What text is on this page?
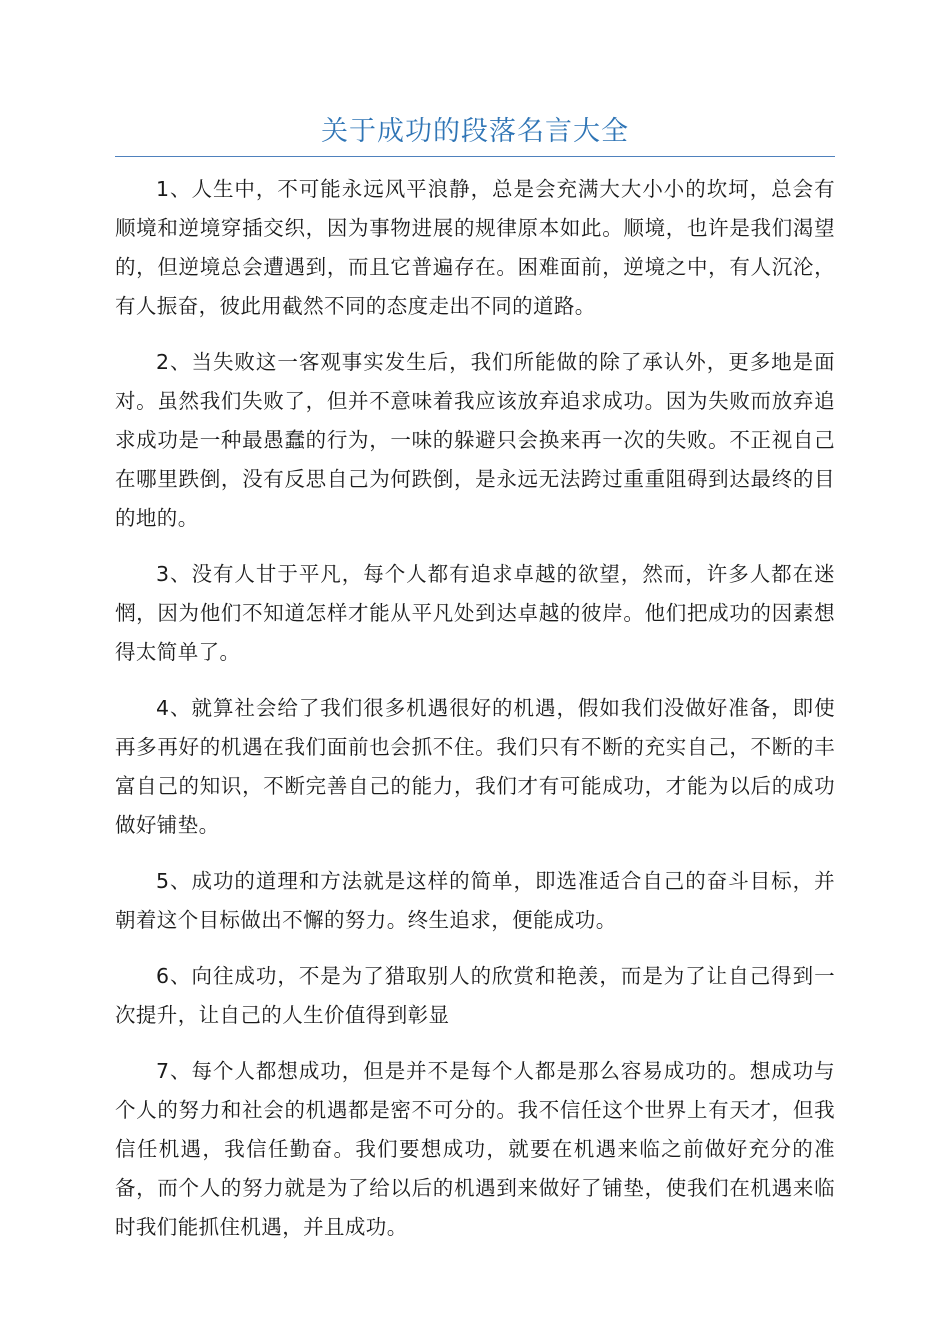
关于成功的段落名言大全

1、人生中，不可能永远风平浪静，总是会充满大大小小的坎坷，总会有顺境和逆境穿插交织，因为事物进展的规律原本如此。顺境，也许是我们渴望的，但逆境总会遭遇到，而且它普遍存在。困难面前，逆境之中，有人沉沦，有人振奋，彼此用截然不同的态度走出不同的道路。

2、当失败这一客观事实发生后，我们所能做的除了承认外，更多地是面对。虽然我们失败了，但并不意味着我应该放弃追求成功。因为失败而放弃追求成功是一种最愚蠢的行为，一味的躲避只会换来再一次的失败。不正视自己在哪里跌倒，没有反思自己为何跌倒，是永远无法跨过重重阻碍到达最终的目的地的。

3、没有人甘于平凡，每个人都有追求卓越的欲望，然而，许多人都在迷惘，因为他们不知道怎样才能从平凡处到达卓越的彼岸。他们把成功的因素想得太简单了。

4、就算社会给了我们很多机遇很好的机遇，假如我们没做好准备，即使再多再好的机遇在我们面前也会抓不住。我们只有不断的充实自己，不断的丰富自己的知识，不断完善自己的能力，我们才有可能成功，才能为以后的成功做好铺垫。

5、成功的道理和方法就是这样的简单，即选准适合自己的奋斗目标，并朝着这个目标做出不懈的努力。终生追求，便能成功。

6、向往成功，不是为了猎取别人的欣赏和艳羡，而是为了让自己得到一次提升，让自己的人生价值得到彰显

7、每个人都想成功，但是并不是每个人都是那么容易成功的。想成功与个人的努力和社会的机遇都是密不可分的。我不信任这个世界上有天才，但我信任机遇，我信任勤奋。我们要想成功，就要在机遇来临之前做好充分的准备，而个人的努力就是为了给以后的机遇到来做好了铺垫，使我们在机遇来临时我们能抓住机遇，并且成功。
